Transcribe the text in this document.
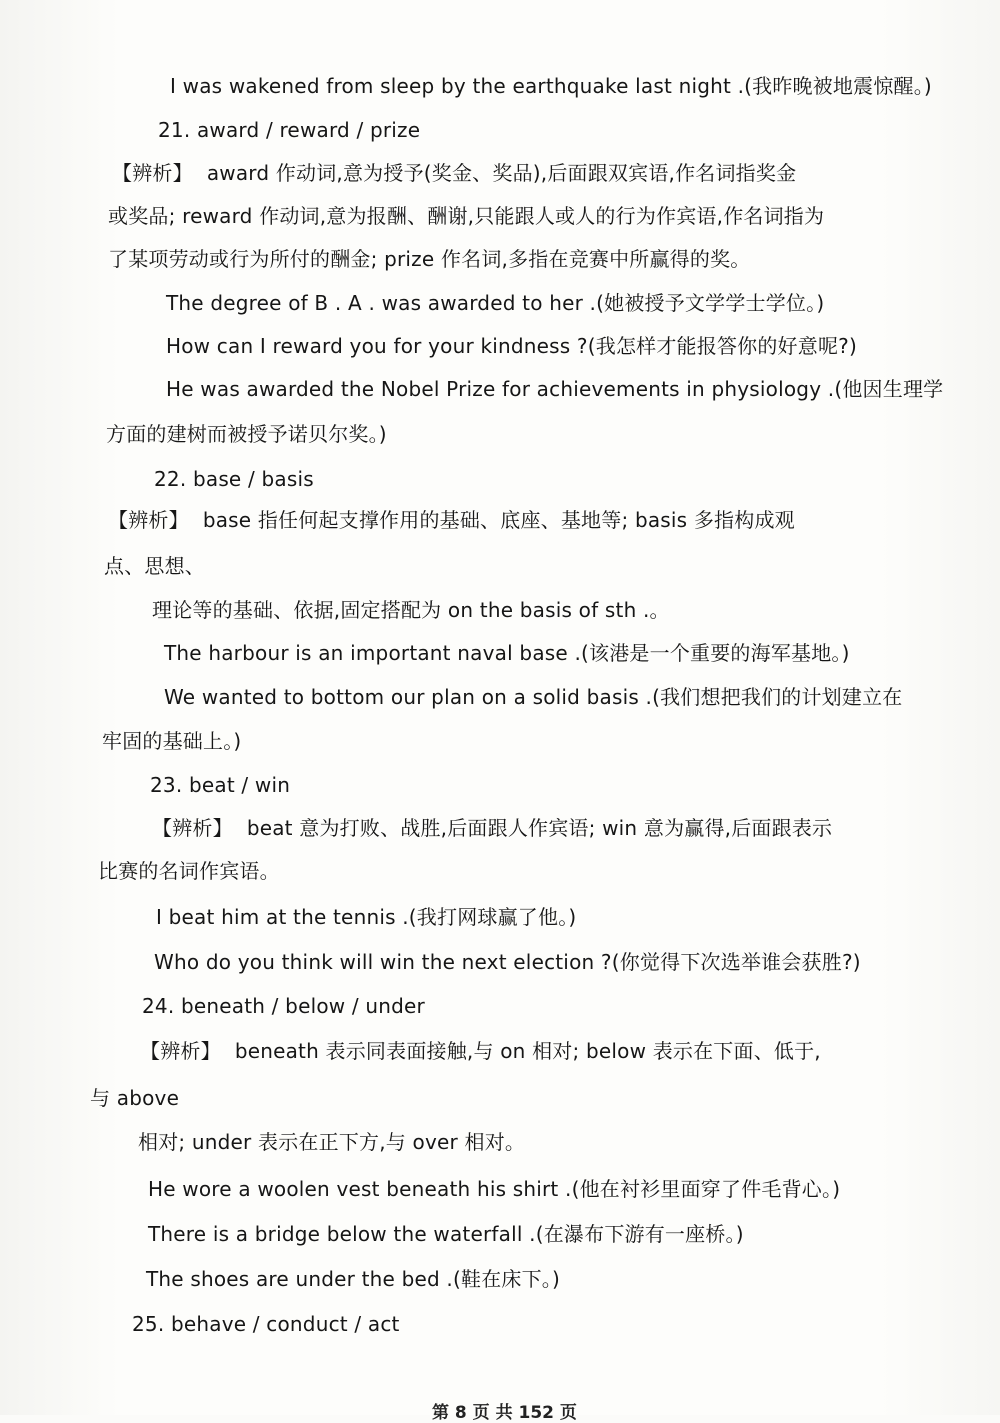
I was wakened from sleep by the earthquake last night .(我昨晚被地震惊醒。)
21. award / reward / prize
【辨析】 award 作动词,意为授予(奖金、奖品),后面跟双宾语,作名词指奖金
或奖品; reward 作动词,意为报酬、酬谢,只能跟人或人的行为作宾语,作名词指为
了某项劳动或行为所付的酬金; prize 作名词,多指在竞赛中所赢得的奖。
The degree of B . A . was awarded to her .(她被授予文学学士学位。)
How can I reward you for your kindness ?(我怎样才能报答你的好意呢?)
He was awarded the Nobel Prize for achievements in physiology .(他因生理学
方面的建树而被授予诺贝尔奖。)
22. base / basis
【辨析】 base 指任何起支撑作用的基础、底座、基地等; basis 多指构成观
点、思想、
理论等的基础、依据,固定搭配为 on the basis of sth .。
The harbour is an important naval base .(该港是一个重要的海军基地。)
We wanted to bottom our plan on a solid basis .(我们想把我们的计划建立在
牢固的基础上。)
23. beat / win
【辨析】 beat 意为打败、战胜,后面跟人作宾语; win 意为赢得,后面跟表示
比赛的名词作宾语。
I beat him at the tennis .(我打网球赢了他。)
Who do you think will win the next election ?(你觉得下次选举谁会获胜?)
24. beneath / below / under
【辨析】 beneath 表示同表面接触,与 on 相对; below 表示在下面、低于,
与 above
相对; under 表示在正下方,与 over 相对。
He wore a woolen vest beneath his shirt .(他在衬衫里面穿了件毛背心。)
There is a bridge below the waterfall .(在瀑布下游有一座桥。)
The shoes are under the bed .(鞋在床下。)
25. behave / conduct / act
第 8 页 共 152 页
